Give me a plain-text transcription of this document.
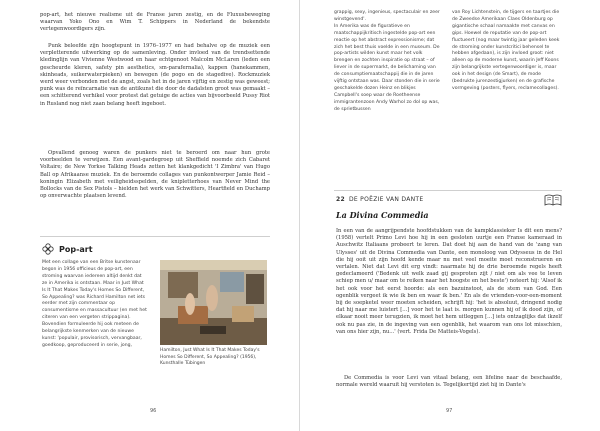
pop-art, het nieuwe realisme uit de Franse jaren zestig, en de Fluxusbeweging waarvan Yoko Ono en Wim T. Schippers in Nederland de bekendste vertegenwoordigers zijn.

Punk beleefde zijn hoogtepunt in 1976–1977 en had behalve op de muziek een verpletterende uitwerking op de samenleving. Onder invloed van de trendsettende kledinglijn van Vivienne Westwood en haar echtgenoot Malcolm McLaren (leden een gescheurde kleren, safety pin aesthetics, sm-parafernalia), kappen (hanekammen, skinheads, suikerwaterpieken) en bewegen (de pogo en de stagedive). Rockmuziek werd weer verbonden met de angst, zoals het in de jaren vijftig en zestig was geweest; punk was de reïncarnatie van de antikunst die door de dadaïsten groot was gemaakt – een schitterend verhikel voor protest dat getuige de acties van bijvoorbeeld Pussy Riot in Rusland nog niet zaan belang heeft ingeboet.

Opvallend genoeg waren de punkers niet te beroerd om naar hun grote voorbeelden te verwijzen. Een avant-gardegroep uit Sheffield noemde zich Cabaret Voltaire; de New Yorkse Talking Heads zetten het klankgedicht 'I Zimbra' van Hugo Ball op Afrikaanse muziek. En de beroemde collages van punkontwerper Jamie Reid – koningin Elizabeth met veiligheidsspelden, de knipletterhoes van Never Mind the Bollocks van de Sex Pistols – hielden het werk van Schwitters, Heartfield en Duchamp op onverwachte plaatsen levend.

Pop-art

Met een collage van een Britse kunstenaar begon in 1956 officieus de pop-art, een stroming waarvan iedereen altijd denkt dat ze in Amerika is ontstaan. Maar in Just What Is It That Makes Today's Homes So Different, So Appealing? was Richard Hamilton net iets eerder met zijn commentaar op consumentisme en massacultuur (en met het citeren van een vergeten strippagina). Bovendien formuleerde hij ook meteen de belangrijkste kenmerken van de nieuwe kunst: 'populair, provisorisch, vervangbaar, goedkoop, geproduceerd in serie, jong,

Hamilton, Just What Is It That Makes Today's Homes So Different, So Appealing? (1956), Kunsthalle Tübingen

96

grappig, sexy, ingenieus, spectaculair en zeer winstgevend'.
In Amerika was de figuratieve en maatschappijkritisch ingestelde pop-art een reactie op het abstract expressionisme; dat zich het best thuis voelde in een museum. De pop-artists wilden kunst maar het volk brengen en zochten inspiratie op straat – of liever in de supermarkt, de belichaming van de consumptiemaatschappij die in de jaren vijftig ontstaan was. Daar stonden die in serie geschakelde dozen Heinz en blikjes Campbell's soep waar de Roetheense immigrantenzoon Andy Warhol zo dol op was, de sprietbussen

van Roy Lichtenstein, de tijgers en taartjes die de Zweedse Amerikaan Claes Oldenburg op gigantische schaal namaakte met canvas en gips. Hoewel de reputatie van de pop-art fluctueert (nog maar twintig jaar geleden keek de stroming onder kunstcritici behensel te hebben afgedaan), is zijn invloed groot: niet alleen op de moderne kunst, waarin Jeff Koons zijn belangrijkste vertegenwoordiger is, maar ook in het design (de Smart), de mode (bedrukte jurenzestigjurken) en de grafische vormgeving (posters, flyers, reclamecollages).

22 DE POËZIE VAN DANTE
La Divina Commedia

In een van de aangrijpendste hoofdstukken van de kampklassieker Is dit een mens? (1958) vertelt Primo Levi hoe hij in een gesloten uurtje een Franse kameraad in Auschwitz Italiaans probeert te leren. Dat doet hij aan de hand van de 'zang van Ulysses' uit de Divina Commedia van Dante, een monoloog van Odysseus in de Hel die hij ooit uit zijn hoofd kende maar nu met veel moeite moet reconstrueren en vertalen. Niet dat Levi dit erg vindt: naarmate hij de drie beroemde regels heeft gedeclameerd ('Bedenk uit welk zaad gij gesproten zijt / niet om als vee te leven schiep men u/ maar om te reiken naar het hoogste en het beste') noteert hij: 'Alsof ik het ook voor het eerst hoorde: als een bazuinstoot, als de stem van God. Een ogenblik vergeet ik wie ik ben en waar ik ben.' En als de vrienden-voor-een-moment bij de soepketel weer moeten scheiden, schrijft hij: 'het is absoluut, dringend nodig dat hij naar me luistert [...] voor het te laat is. morgen kunnen hij of ik dood zijn, of elkaar nooit meer terugzien, ik moet het hem uitleggen [...] iets ontzaglijks dat ikzelf ook nu pas zie, in de ingeving van een ogenblik, het waarom van ons lot misschien, van ons hier zijn, nu...' (vert. Frida De Matteis-Vogels).

De Commedia is voor Levi van vitaal belang, een lifeline naar de beschaafde, normale wereld waaruit hij verstoten is. Tegelijkertijd ziet hij in Dante's

97
